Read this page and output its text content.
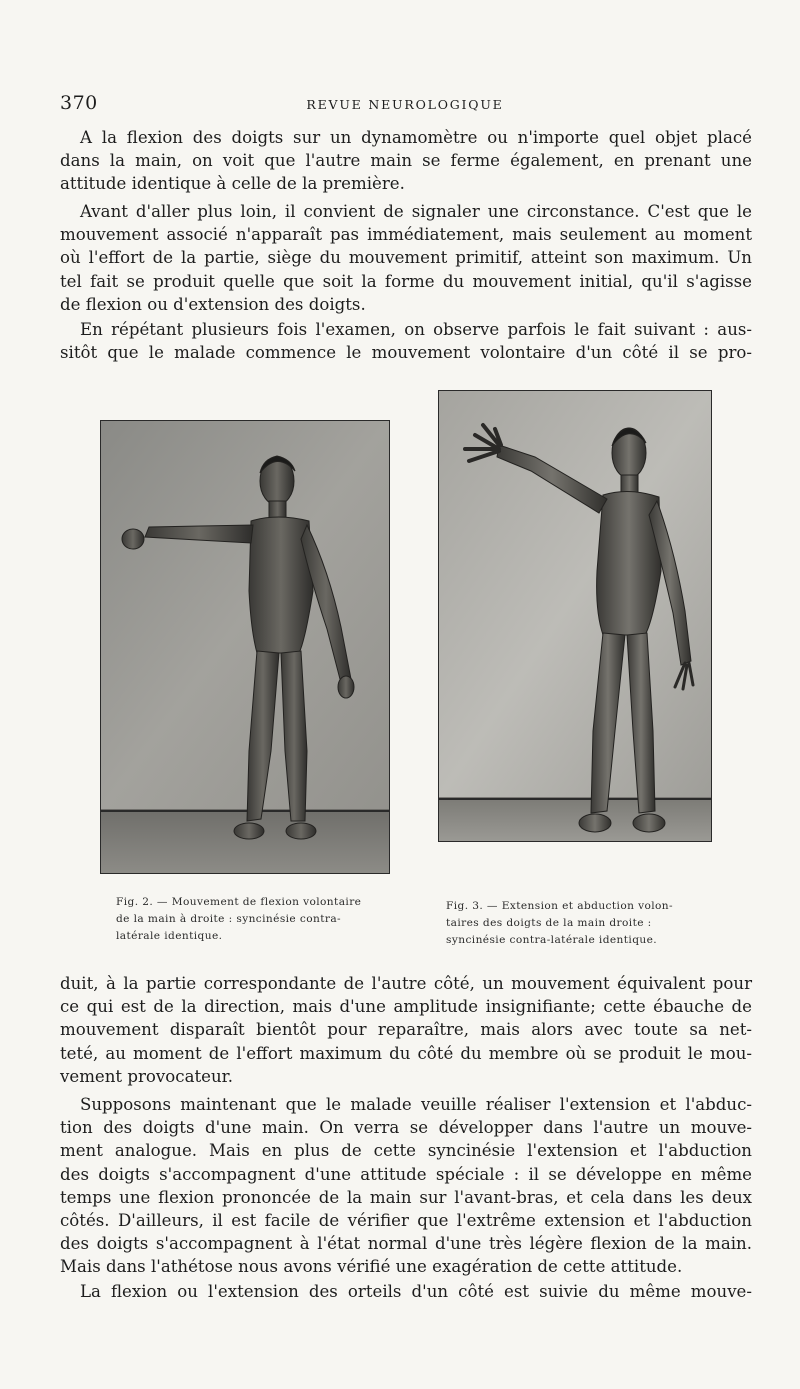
370	REVUE NEUROLOGIQUE

A la flexion des doigts sur un dynamomètre ou n'importe quel objet placé
dans la main, on voit que l'autre main se ferme également, en prenant une
attitude identique à celle de la première.

Avant d'aller plus loin, il convient de signaler une circonstance. C'est que le
mouvement associé n'apparaît pas immédiatement, mais seulement au moment
où l'effort de la partie, siège du mouvement primitif, atteint son maximum. Un
tel fait se produit quelle que soit la forme du mouvement initial, qu'il s'agisse
de flexion ou d'extension des doigts.

En répétant plusieurs fois l'examen, on observe parfois le fait suivant : aus-
sitôt que le malade commence le mouvement volontaire d'un côté il se pro-

Fig. 2. — Mouvement de flexion volontaire
de la main à droite : syncinésie contra-
latérale identique.
Fig. 3. — Extension et abduction volon-
taires des doigts de la main droite :
syncinésie contra-latérale identique.

duit, à la partie correspondante de l'autre côté, un mouvement équivalent pour
ce qui est de la direction, mais d'une amplitude insignifiante; cette ébauche de
mouvement disparaît bientôt pour reparaître, mais alors avec toute sa net-
teté, au moment de l'effort maximum du côté du membre où se produit le mou-
vement provocateur.

Supposons maintenant que le malade veuille réaliser l'extension et l'abduc-
tion des doigts d'une main. On verra se développer dans l'autre un mouve-
ment analogue. Mais en plus de cette syncinésie l'extension et l'abduction
des doigts s'accompagnent d'une attitude spéciale : il se développe en même
temps une flexion prononcée de la main sur l'avant-bras, et cela dans les deux
côtés. D'ailleurs, il est facile de vérifier que l'extrême extension et l'abduction
des doigts s'accompagnent à l'état normal d'une très légère flexion de la main.
Mais dans l'athétose nous avons vérifié une exagération de cette attitude.

La flexion ou l'extension des orteils d'un côté est suivie du même mouve-
